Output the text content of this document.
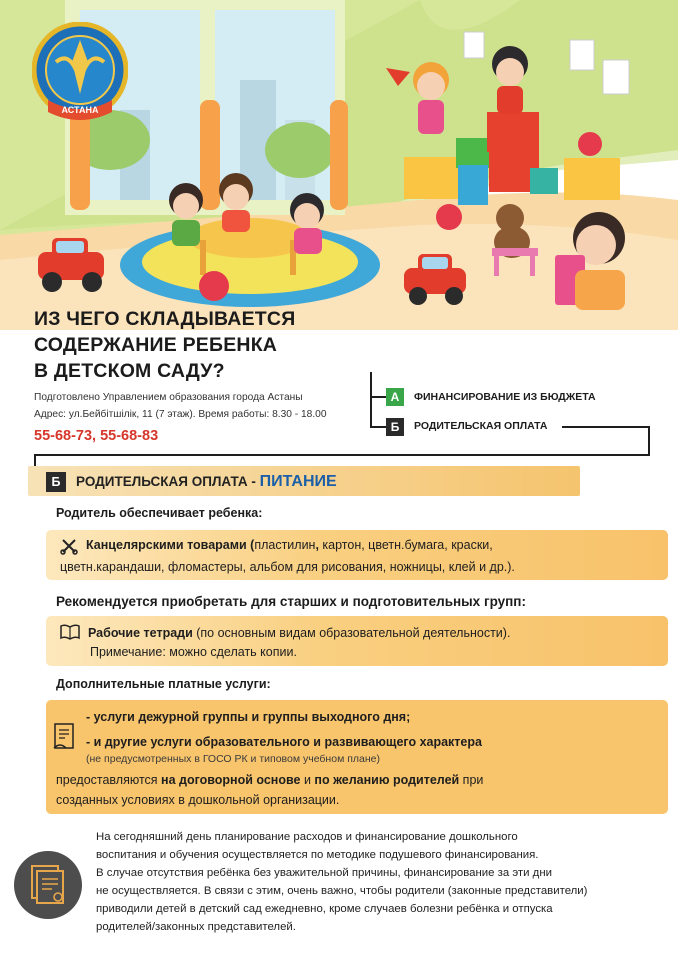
АСТАНА
ИЗ ЧЕГО СКЛАДЫВАЕТСЯ
СОДЕРЖАНИЕ РЕБЕНКА
В ДЕТСКОМ САДУ?
Подготовлено Управлением образования города Астаны
Адрес: ул.Бейбітшілік, 11 (7 этаж). Время работы: 8.30 - 18.00
55-68-73, 55-68-83
А	ФИНАНСИРОВАНИЕ ИЗ БЮДЖЕТА
Б	РОДИТЕЛЬСКАЯ ОПЛАТА
Б	РОДИТЕЛЬСКАЯ ОПЛАТА - ПИТАНИЕ
Родитель обеспечивает ребенка:
Канцелярскими товарами (пластилин, картон, цветн.бумага, краски,
цветн.карандаши, фломастеры, альбом для рисования, ножницы, клей и др.).
Рекомендуется приобретать для старших и подготовительных групп:
Рабочие тетради (по основным видам образовательной деятельности).
Примечание: можно сделать копии.
Дополнительные платные услуги:
- услуги дежурной группы и группы выходного дня;
- и другие услуги образовательного и развивающего характера
(не предусмотренных в ГОСО РК и типовом учебном плане)
предоставляются на договорной основе и по желанию родителей при
созданных условиях в дошкольной организации.
На сегодняшний день планирование расходов и финансирование дошкольного
воспитания и обучения осуществляется по методике подушевого финансирования.
В случае отсутствия ребёнка без уважительной причины, финансирование за эти дни
не осуществляется. В связи с этим, очень важно, чтобы родители (законные представители)
приводили детей в детский сад ежедневно, кроме случаев болезни ребёнка и отпуска
родителей/законных представителей.
